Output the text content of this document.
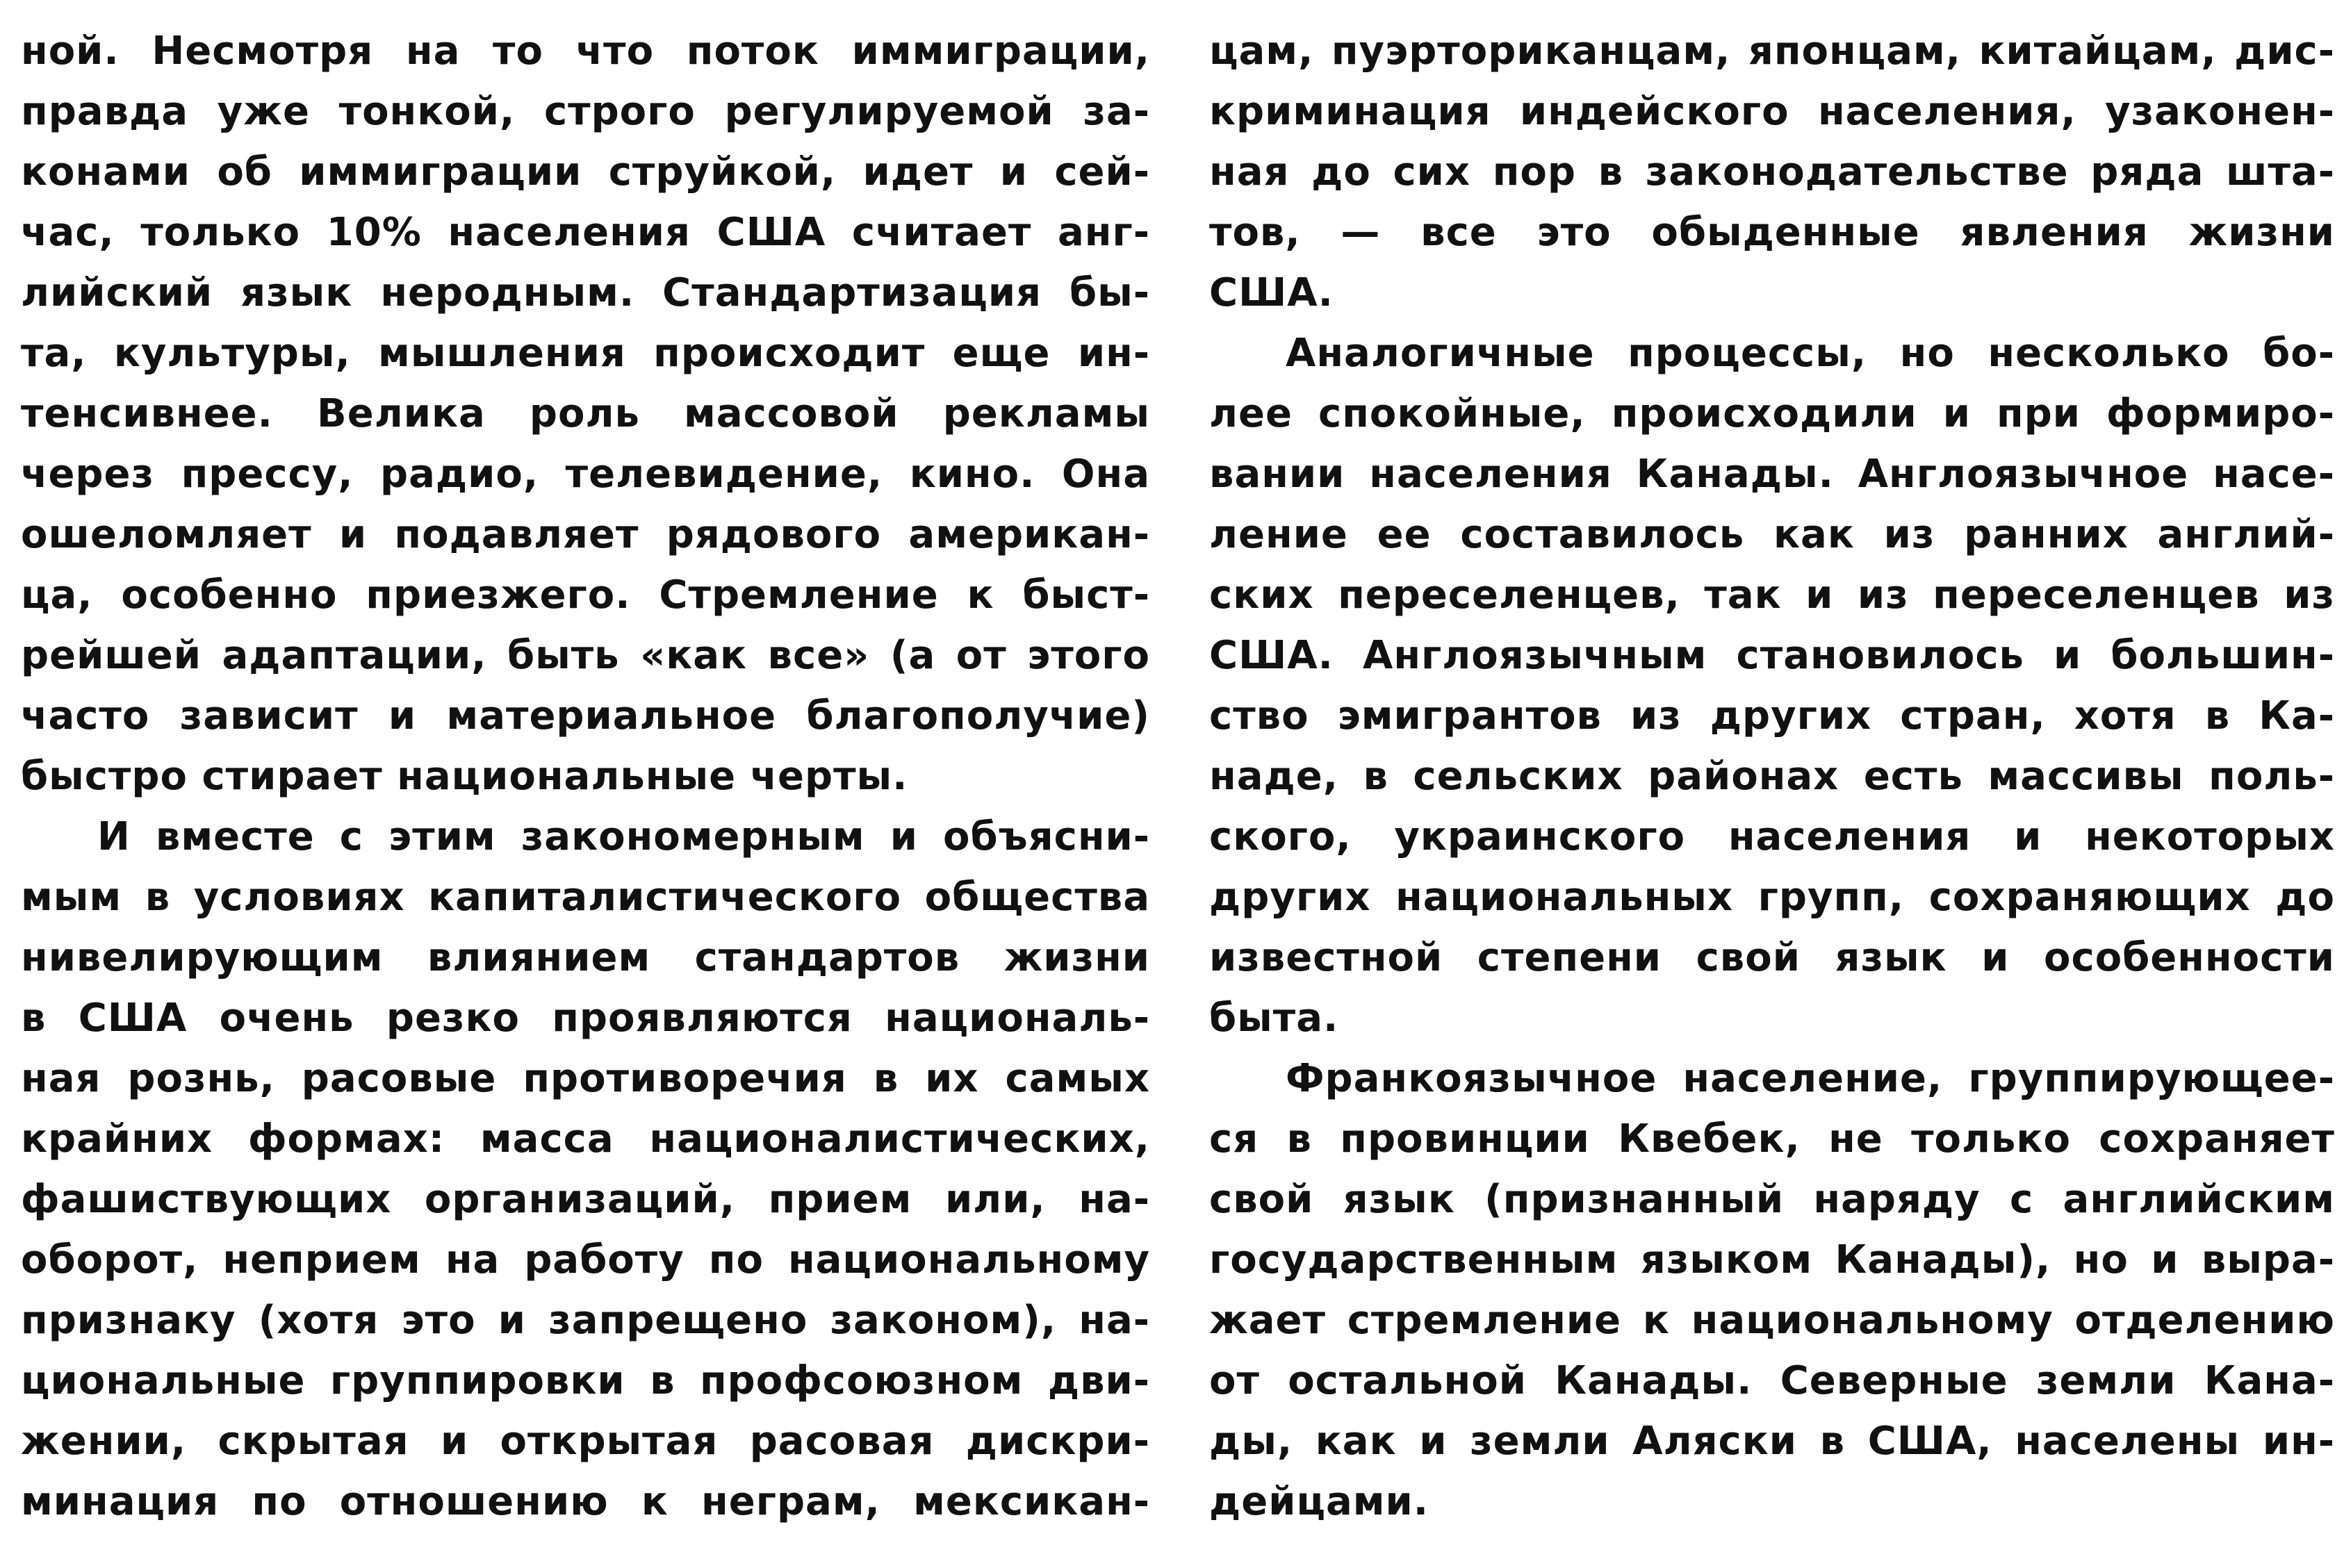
ной. Несмотря на то что поток иммиграции,
правда уже тонкой, строго регулируемой за-
конами об иммиграции струйкой, идет и сей-
час, только 10% населения США считает анг-
лийский язык неродным. Стандартизация бы-
та, культуры, мышления происходит еще ин-
тенсивнее. Велика роль массовой рекламы
через прессу, радио, телевидение, кино. Она
ошеломляет и подавляет рядового американ-
ца, особенно приезжего. Стремление к быст-
рейшей адаптации, быть «как все» (а от этого
часто зависит и материальное благополучие)
быстро стирает национальные черты.
И вместе с этим закономерным и объясни-
мым в условиях капиталистического общества
нивелирующим влиянием стандартов жизни
в США очень резко проявляются националь-
ная рознь, расовые противоречия в их самых
крайних формах: масса националистических,
фашиствующих организаций, прием или, на-
оборот, неприем на работу по национальному
признаку (хотя это и запрещено законом), на-
циональные группировки в профсоюзном дви-
жении, скрытая и открытая расовая дискри-
минация по отношению к неграм, мексикан-
цам, пуэрториканцам, японцам, китайцам, дис-
криминация индейского населения, узаконен-
ная до сих пор в законодательстве ряда шта-
тов, — все это обыденные явления жизни
США.
Аналогичные процессы, но несколько бо-
лее спокойные, происходили и при формиро-
вании населения Канады. Англоязычное насе-
ление ее составилось как из ранних англий-
ских переселенцев, так и из переселенцев из
США. Англоязычным становилось и большин-
ство эмигрантов из других стран, хотя в Ка-
наде, в сельских районах есть массивы поль-
ского, украинского населения и некоторых
других национальных групп, сохраняющих до
известной степени свой язык и особенности
быта.
Франкоязычное население, группирующее-
ся в провинции Квебек, не только сохраняет
свой язык (признанный наряду с английским
государственным языком Канады), но и выра-
жает стремление к национальному отделению
от остальной Канады. Северные земли Кана-
ды, как и земли Аляски в США, населены ин-
дейцами.
